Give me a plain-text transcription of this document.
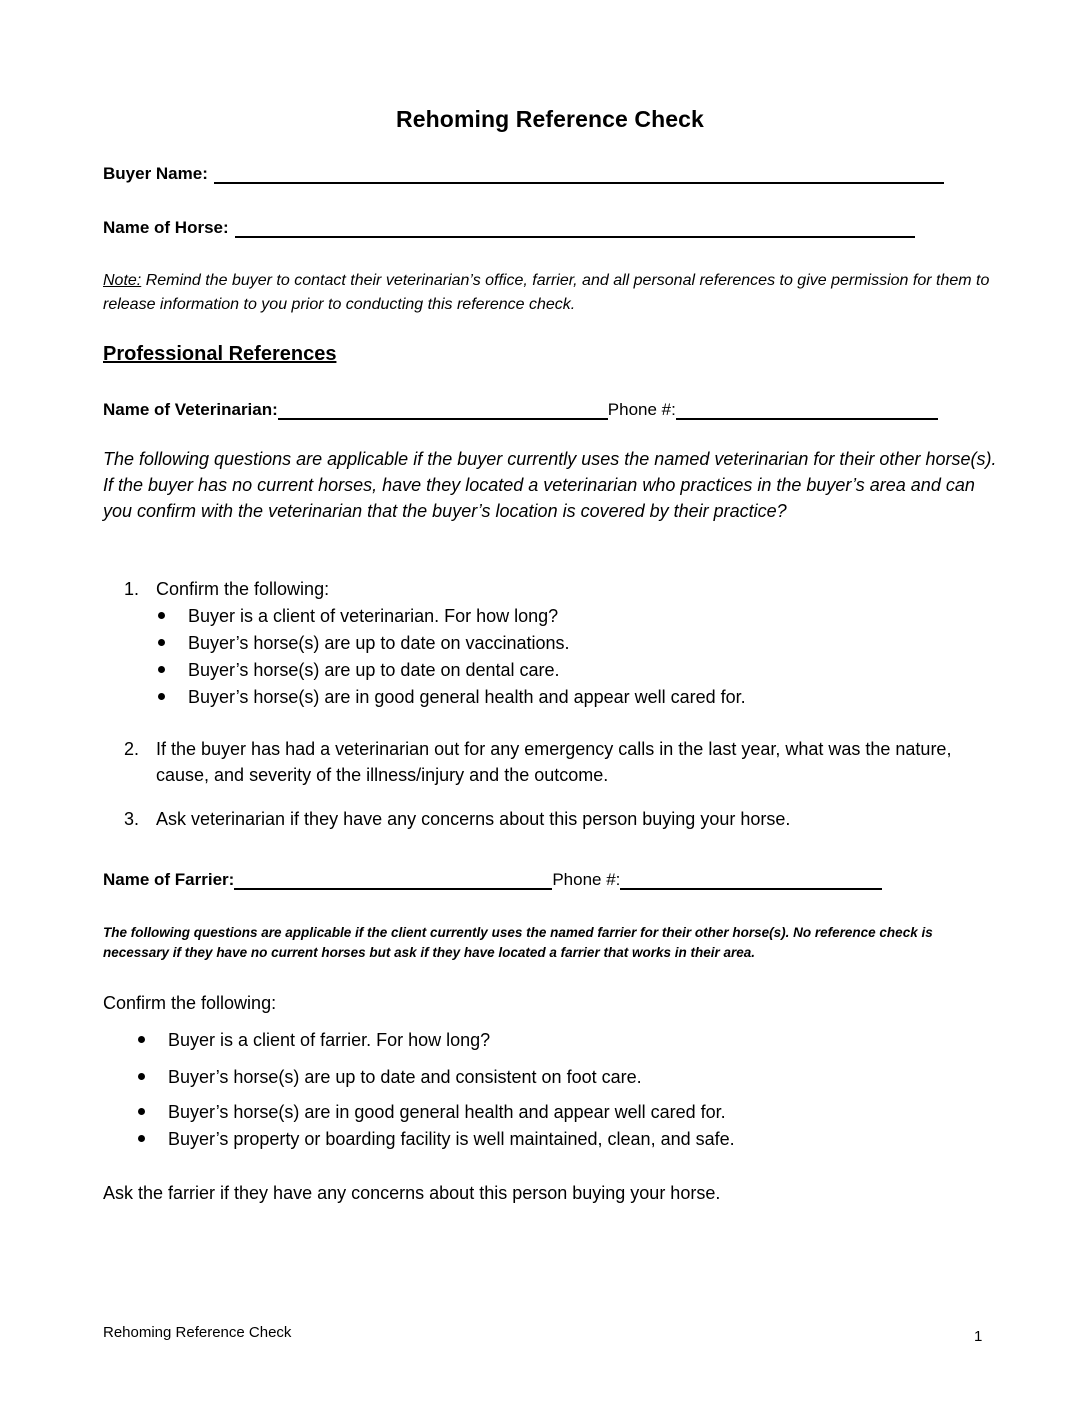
Rehoming Reference Check
Buyer Name:
Name of Horse:
Note: Remind the buyer to contact their veterinarian’s office, farrier, and all personal references to give permission for them to release information to you prior to conducting this reference check.
Professional References
Name of Veterinarian:	Phone #:
The following questions are applicable if the buyer currently uses the named veterinarian for their other horse(s). If the buyer has no current horses, have they located a veterinarian who practices in the buyer’s area and can you confirm with the veterinarian that the buyer’s location is covered by their practice?
1. Confirm the following:
Buyer is a client of veterinarian. For how long?
Buyer’s horse(s) are up to date on vaccinations.
Buyer’s horse(s) are up to date on dental care.
Buyer’s horse(s) are in good general health and appear well cared for.
2. If the buyer has had a veterinarian out for any emergency calls in the last year, what was the nature, cause, and severity of the illness/injury and the outcome.
3. Ask veterinarian if they have any concerns about this person buying your horse.
Name of Farrier:	Phone #:
The following questions are applicable if the client currently uses the named farrier for their other horse(s). No reference check is necessary if they have no current horses but ask if they have located a farrier that works in their area.
Confirm the following:
Buyer is a client of farrier. For how long?
Buyer’s horse(s) are up to date and consistent on foot care.
Buyer’s horse(s) are in good general health and appear well cared for.
Buyer’s property or boarding facility is well maintained, clean, and safe.
Ask the farrier if they have any concerns about this person buying your horse.
Rehoming Reference Check	1
